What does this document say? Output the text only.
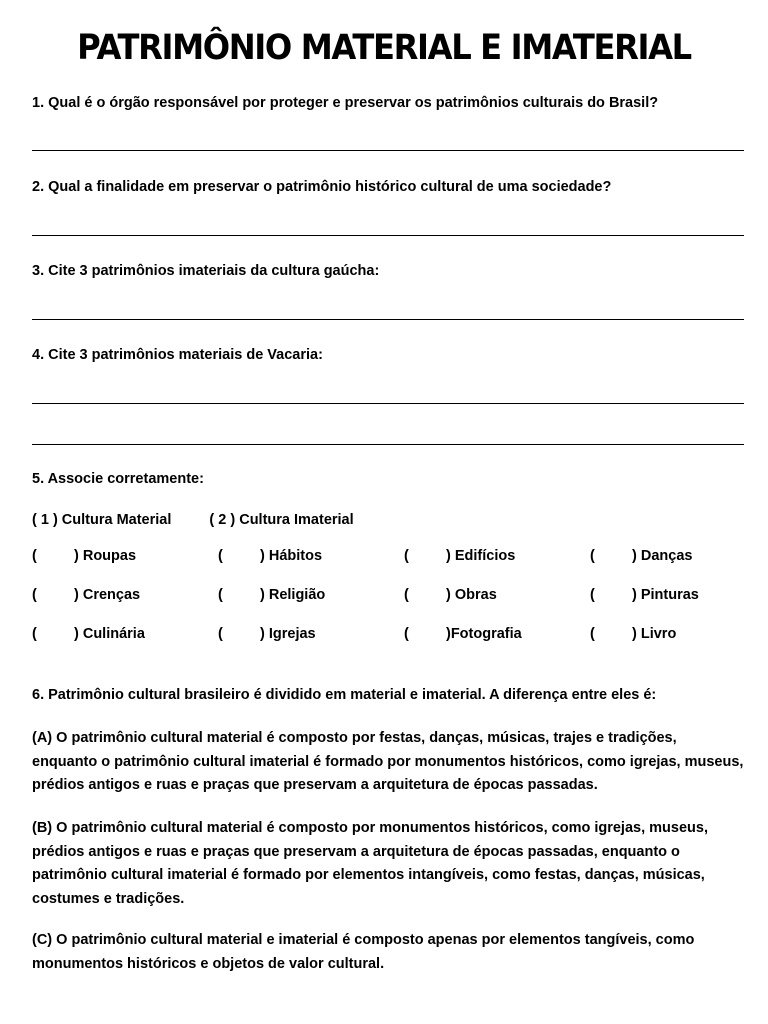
PATRIMÔNIO MATERIAL E IMATERIAL
1. Qual é o órgão responsável por proteger e preservar os patrimônios culturais do Brasil?
2. Qual a finalidade em preservar o patrimônio histórico cultural de uma sociedade?
3. Cite 3 patrimônios imateriais da cultura gaúcha:
4. Cite 3 patrimônios materiais de Vacaria:
5. Associe corretamente:
( 1 ) Cultura Material	( 2 ) Cultura Imaterial
(	) Roupas	(	) Hábitos	(	) Edifícios	(	) Danças
(	) Crenças	(	) Religião	(	) Obras	(	) Pinturas
(	) Culinária	(	) Igrejas	(	)Fotografia	(	) Livro
6. Patrimônio cultural brasileiro é dividido em material e imaterial. A diferença entre eles é:
(A) O patrimônio cultural material é composto por festas, danças, músicas, trajes e tradições, enquanto o patrimônio cultural imaterial é formado por monumentos históricos, como igrejas, museus, prédios antigos e ruas e praças que preservam a arquitetura de épocas passadas.
(B) O patrimônio cultural material é composto por monumentos históricos, como igrejas, museus, prédios antigos e ruas e praças que preservam a arquitetura de épocas passadas, enquanto o patrimônio cultural imaterial é formado por elementos intangíveis, como festas, danças, músicas, costumes e tradições.
(C) O patrimônio cultural material e imaterial é composto apenas por elementos tangíveis, como monumentos históricos e objetos de valor cultural.
